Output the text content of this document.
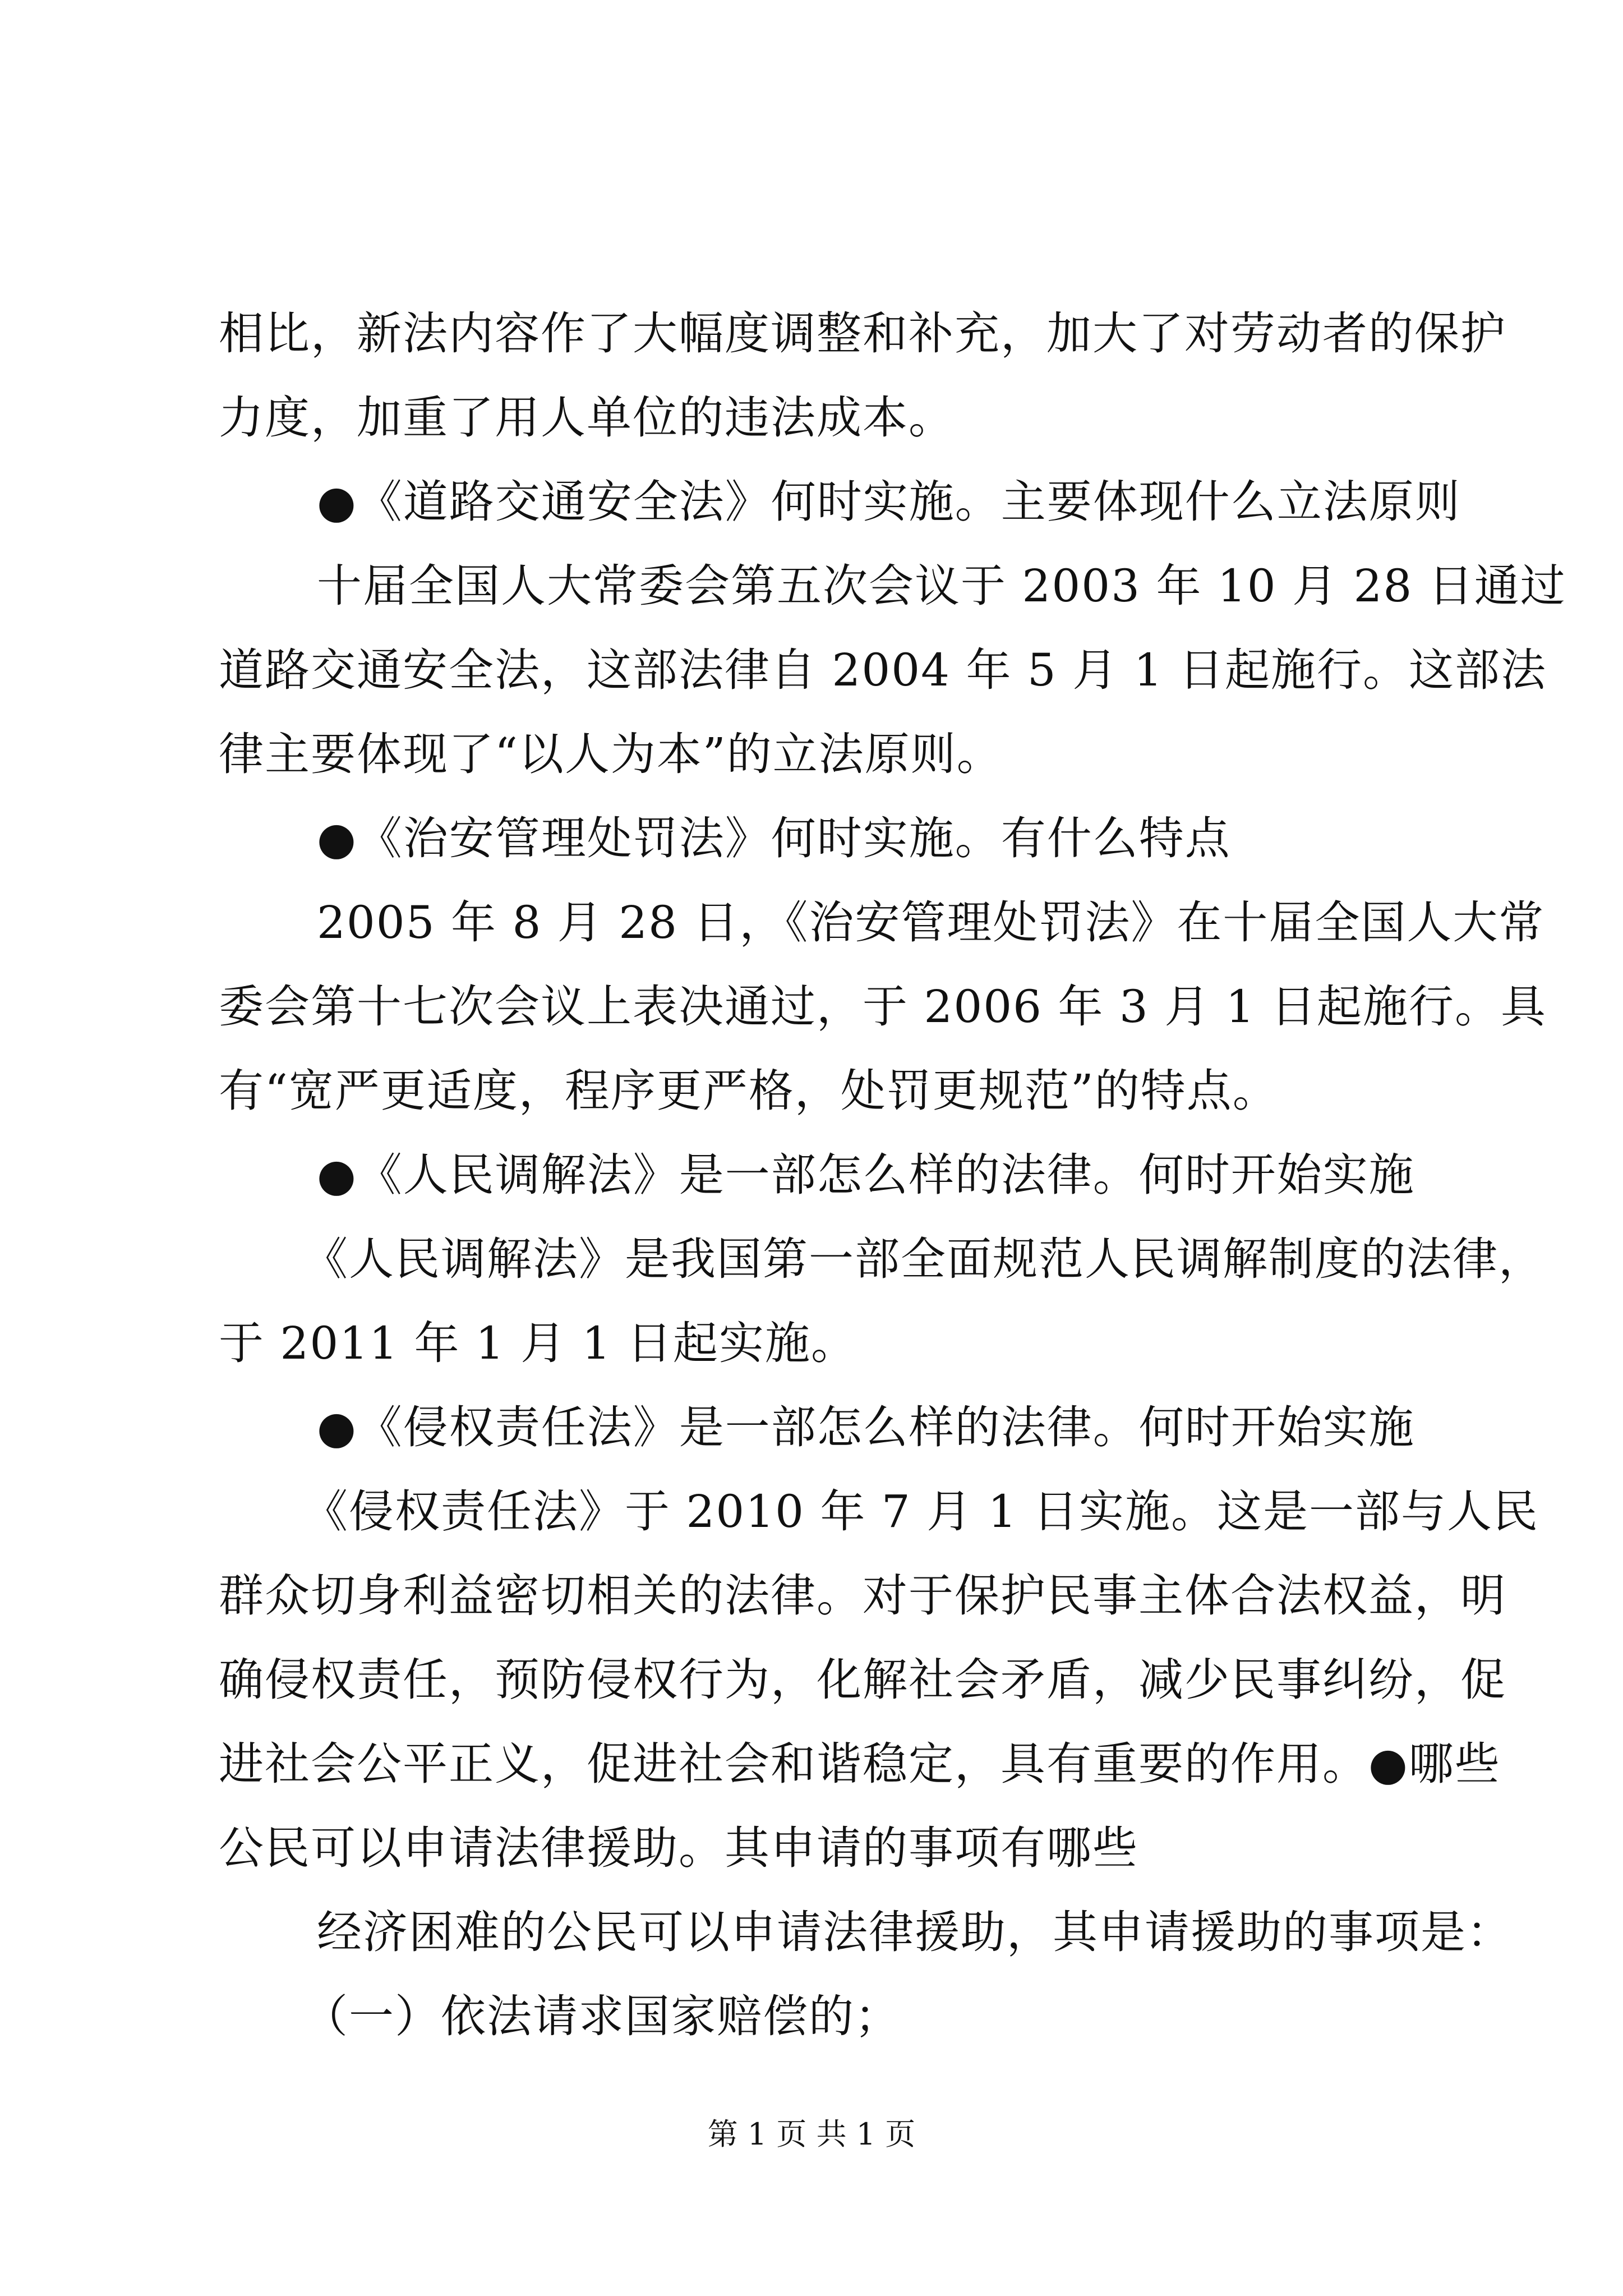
相比，新法内容作了大幅度调整和补充，加大了对劳动者的保护
力度，加重了用人单位的违法成本。
●《道路交通安全法》何时实施。主要体现什么立法原则
十届全国人大常委会第五次会议于 2003 年 10 月 28 日通过
道路交通安全法，这部法律自 2004 年 5 月 1 日起施行。这部法
律主要体现了“以人为本”的立法原则。
●《治安管理处罚法》何时实施。有什么特点
2005 年 8 月 28 日，《治安管理处罚法》在十届全国人大常
委会第十七次会议上表决通过，于 2006 年 3 月 1 日起施行。具
有“宽严更适度，程序更严格，处罚更规范”的特点。
●《人民调解法》是一部怎么样的法律。何时开始实施
《人民调解法》是我国第一部全面规范人民调解制度的法律，
于 2011 年 1 月 1 日起实施。
●《侵权责任法》是一部怎么样的法律。何时开始实施
《侵权责任法》于 2010 年 7 月 1 日实施。这是一部与人民
群众切身利益密切相关的法律。对于保护民事主体合法权益，明
确侵权责任，预防侵权行为，化解社会矛盾，减少民事纠纷，促
进社会公平正义，促进社会和谐稳定，具有重要的作用。●哪些
公民可以申请法律援助。其申请的事项有哪些
经济困难的公民可以申请法律援助，其申请援助的事项是：
（一）依法请求国家赔偿的；
第 1 页 共 1 页
